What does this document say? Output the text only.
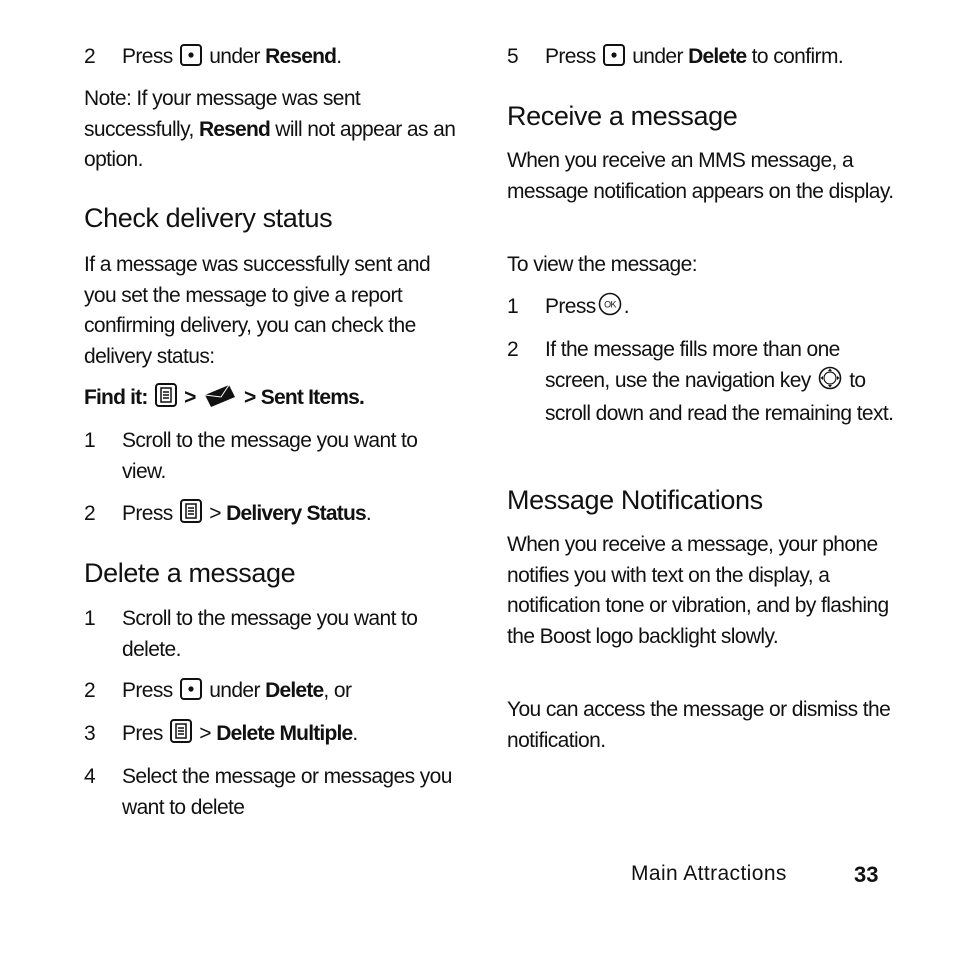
2	Press under Resend.
Note: If your message was sent successfully, Resend will not appear as an option.
Check delivery status
If a message was successfully sent and you set the message to give a report confirming delivery, you can check the delivery status:
Find it: > > Sent Items.
1	Scroll to the message you want to view.
2	Press > Delivery Status.
Delete a message
1	Scroll to the message you want to delete.
2	Press under Delete, or
3	Pres > Delete Multiple.
4	Select the message or messages you want to delete
5	Press under Delete to confirm.
Receive a message
When you receive an MMS message, a message notification appears on the display.
To view the message:
1	Press OK .
2	If the message fills more than one screen, use the navigation key to scroll down and read the remaining text.
Message Notifications
When you receive a message, your phone notifies you with text on the display, a notification tone or vibration, and by flashing the Boost logo backlight slowly.
You can access the message or dismiss the notification.
Main Attractions	33
